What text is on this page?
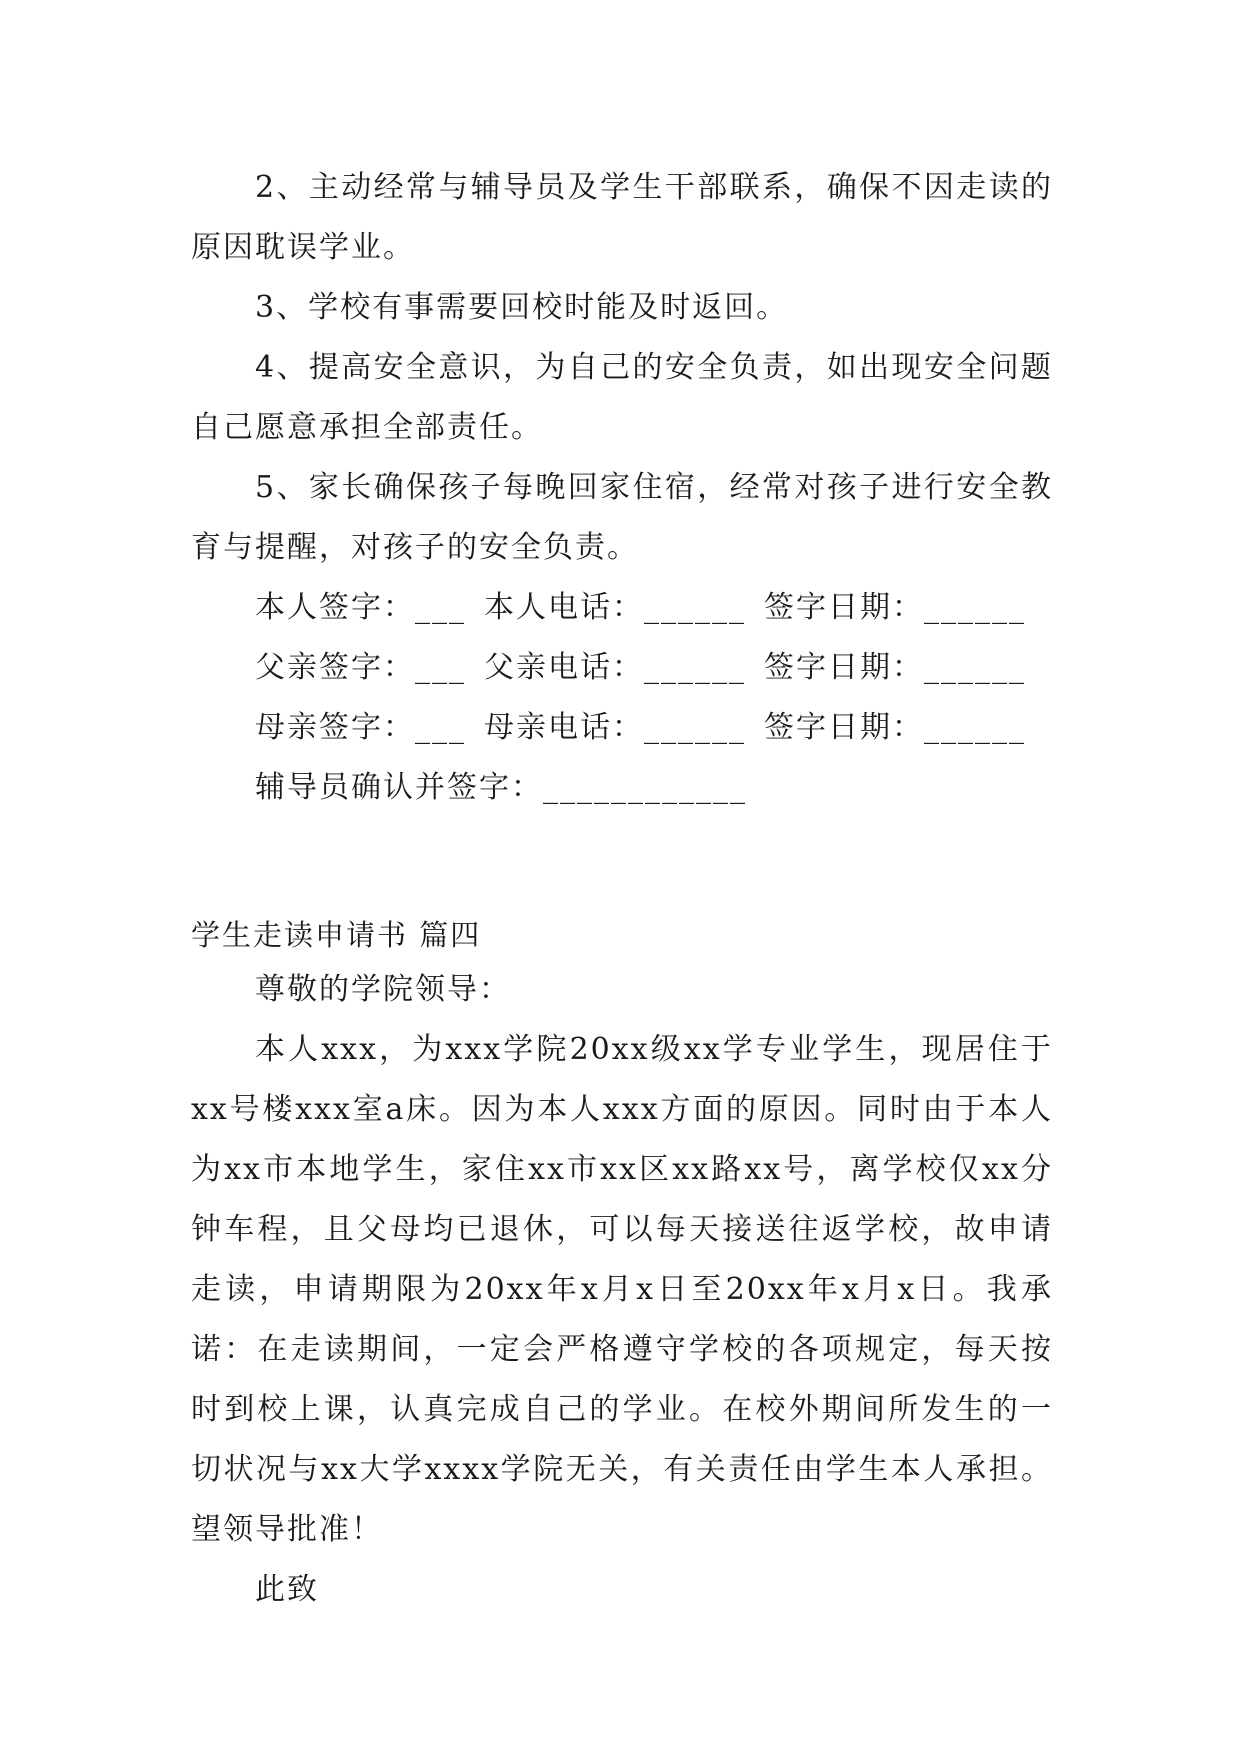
2、主动经常与辅导员及学生干部联系，确保不因走读的原因耽误学业。

3、学校有事需要回校时能及时返回。

4、提高安全意识，为自己的安全负责，如出现安全问题自己愿意承担全部责任。

5、家长确保孩子每晚回家住宿，经常对孩子进行安全教育与提醒，对孩子的安全负责。

本人签字：___ 本人电话：______ 签字日期：______
父亲签字：___ 父亲电话：______ 签字日期：______
母亲签字：___ 母亲电话：______ 签字日期：______
辅导员确认并签字：____________

学生走读申请书 篇四

尊敬的学院领导：

本人xxx，为xxx学院20xx级xx学专业学生，现居住于xx号楼xxx室a床。因为本人xxx方面的原因。同时由于本人为xx市本地学生，家住xx市xx区xx路xx号，离学校仅xx分钟车程，且父母均已退休，可以每天接送往返学校，故申请走读，申请期限为20xx年x月x日至20xx年x月x日。我承诺：在走读期间，一定会严格遵守学校的各项规定，每天按时到校上课，认真完成自己的学业。在校外期间所发生的一切状况与xx大学xxxx学院无关，有关责任由学生本人承担。望领导批准！

此致
